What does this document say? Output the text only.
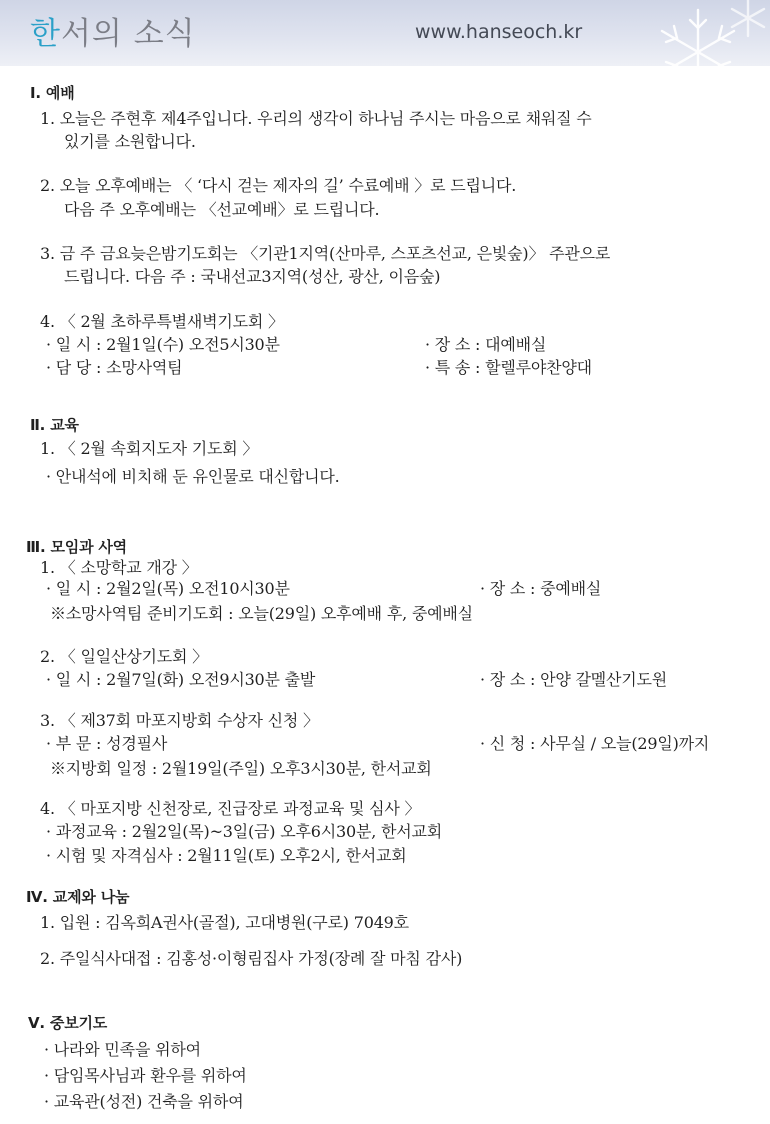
한서의 소식	www.hanseoch.kr
Ⅰ. 예배
1. 오늘은 주현후 제4주입니다. 우리의 생각이 하나님 주시는 마음으로 채워질 수
있기를 소원합니다.
2. 오늘 오후예배는 〈 ‘다시 걷는 제자의 길’ 수료예배 〉로 드립니다.
다음 주 오후예배는 〈선교예배〉로 드립니다.
3. 금 주 금요늦은밤기도회는 〈기관1지역(산마루, 스포츠선교, 은빛숲)〉 주관으로
드립니다. 다음 주 : 국내선교3지역(성산, 광산, 이음숲)
4. 〈 2월 초하루특별새벽기도회 〉
· 일 시 : 2월1일(수) 오전5시30분	· 장 소 : 대예배실
· 담 당 : 소망사역팀	· 특 송 : 할렐루야찬양대
Ⅱ. 교육
1. 〈 2월 속회지도자 기도회 〉
· 안내석에 비치해 둔 유인물로 대신합니다.
Ⅲ. 모임과 사역
1. 〈 소망학교 개강 〉
· 일 시 : 2월2일(목) 오전10시30분	· 장 소 : 중예배실
※소망사역팀 준비기도회 : 오늘(29일) 오후예배 후, 중예배실
2. 〈 일일산상기도회 〉
· 일 시 : 2월7일(화) 오전9시30분 출발	· 장 소 : 안양 갈멜산기도원
3. 〈 제37회 마포지방회 수상자 신청 〉
· 부 문 : 성경필사	· 신 청 : 사무실 / 오늘(29일)까지
※지방회 일정 : 2월19일(주일) 오후3시30분, 한서교회
4. 〈 마포지방 신천장로, 진급장로 과정교육 및 심사 〉
· 과정교육 : 2월2일(목)~3일(금) 오후6시30분, 한서교회
· 시험 및 자격심사 : 2월11일(토) 오후2시, 한서교회
Ⅳ. 교제와 나눔
1. 입원 : 김옥희A권사(골절), 고대병원(구로) 7049호
2. 주일식사대접 : 김홍성·이형림집사 가정(장례 잘 마침 감사)
Ⅴ. 중보기도
· 나라와 민족을 위하여
· 담임목사님과 환우를 위하여
· 교육관(성전) 건축을 위하여
